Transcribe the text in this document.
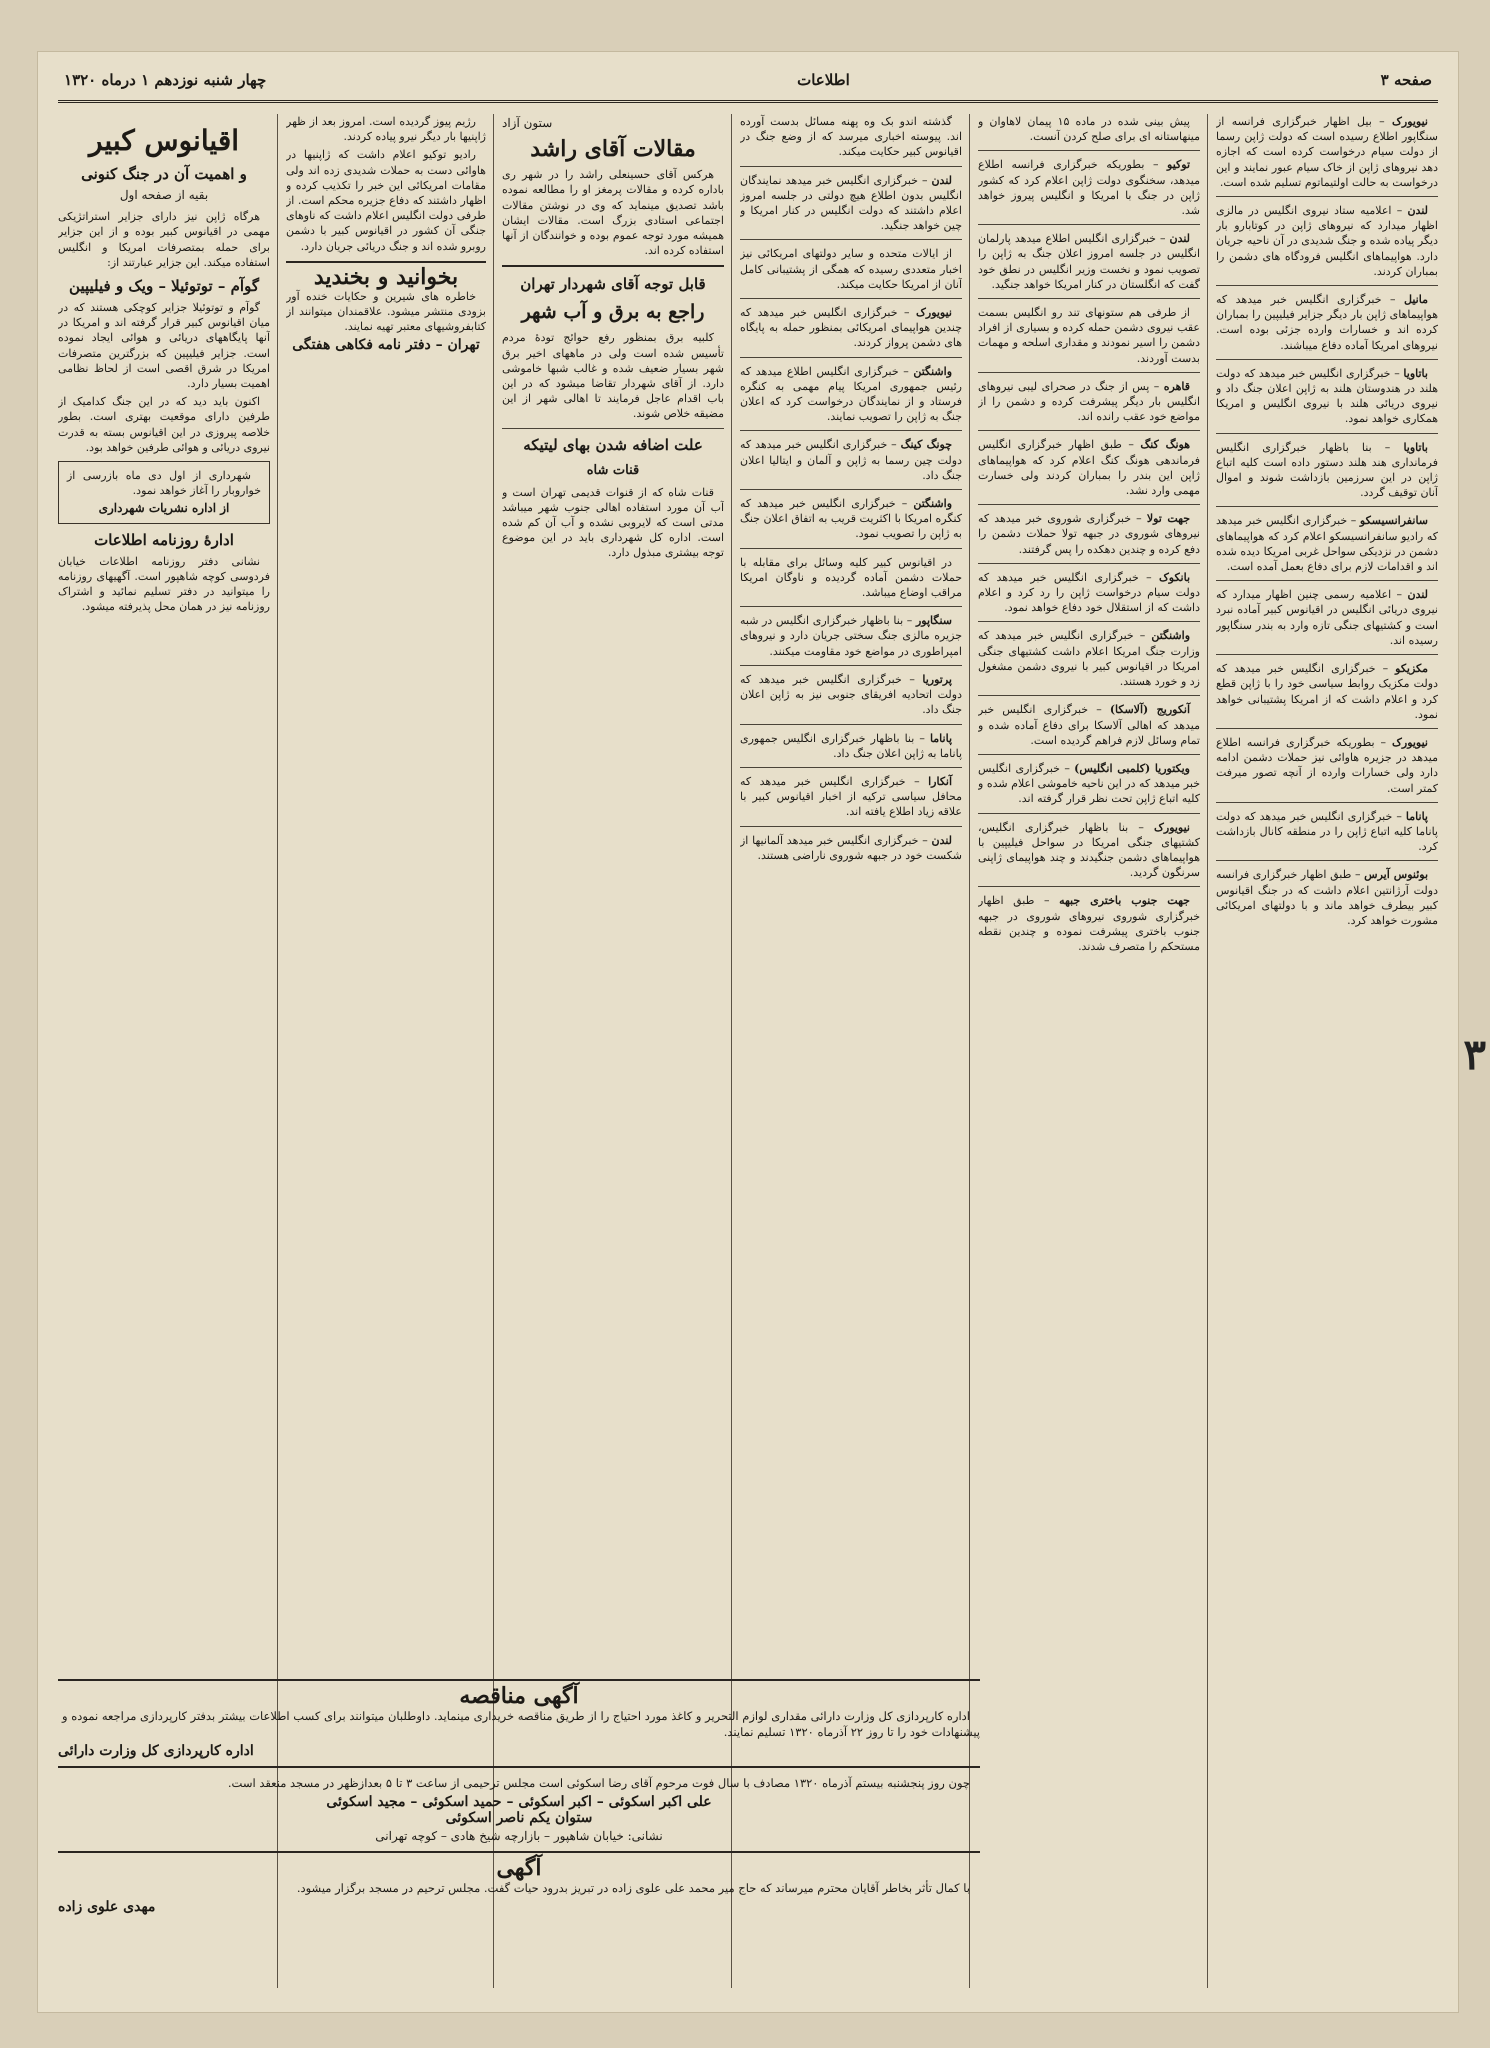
صفحه ۳
اطلاعات
چهار شنبه نوزدهم ۱ درماه ۱۳۲۰

نیویورک – بیل اظهار خبرگزاری فرانسه از سنگاپور اطلاع رسیده است که دولت ژاپن رسما از دولت سیام درخواست کرده است که اجازه دهد نیروهای ژاپن از خاک سیام عبور نمایند و این درخواست به حالت اولتیماتوم تسلیم شده است.

لندن – اعلامیه ستاد نیروی انگلیس در مالزی اظهار میدارد که نیروهای ژاپن در کوتابارو بار دیگر پیاده شده و جنگ شدیدی در آن ناحیه جریان دارد. هواپیماهای انگلیس فرودگاه های دشمن را بمباران کردند.

مانیل – خبرگزاری انگلیس خبر میدهد که هواپیماهای ژاپن بار دیگر جزایر فیلیپین را بمباران کرده اند و خسارات وارده جزئی بوده است. نیروهای امریکا آماده دفاع میباشند.

باتاویا – خبرگزاری انگلیس خبر میدهد که دولت هلند در هندوستان هلند به ژاپن اعلان جنگ داد و نیروی دریائی هلند با نیروی انگلیس و امریکا همکاری خواهد نمود.

باتاویا – بنا باظهار خبرگزاری انگلیس فرمانداری هند هلند دستور داده است کلیه اتباع ژاپن در این سرزمین بازداشت شوند و اموال آنان توقیف گردد.

سانفرانسیسکو – خبرگزاری انگلیس خبر میدهد که رادیو سانفرانسیسکو اعلام کرد که هواپیماهای دشمن در نزدیکی سواحل غربی امریکا دیده شده اند و اقدامات لازم برای دفاع بعمل آمده است.

لندن – اعلامیه رسمی چنین اظهار میدارد که نیروی دریائی انگلیس در اقیانوس کبیر آماده نبرد است و کشتیهای جنگی تازه وارد به بندر سنگاپور رسیده اند.

مکزیکو – خبرگزاری انگلیس خبر میدهد که دولت مکزیک روابط سیاسی خود را با ژاپن قطع کرد و اعلام داشت که از امریکا پشتیبانی خواهد نمود.

نیویورک – بطوریکه خبرگزاری فرانسه اطلاع میدهد در جزیره هاوائی نیز حملات دشمن ادامه دارد ولی خسارات وارده از آنچه تصور میرفت کمتر است.

پاناما – خبرگزاری انگلیس خبر میدهد که دولت پاناما کلیه اتباع ژاپن را در منطقه کانال بازداشت کرد.

بوئنوس آیرس – طبق اظهار خبرگزاری فرانسه دولت آرژانتین اعلام داشت که در جنگ اقیانوس کبیر بیطرف خواهد ماند و با دولتهای امریکائی مشورت خواهد کرد.

پیش بینی شده در ماده ۱۵ پیمان لاهاوان و مینهاستانه ای برای صلح کردن آنست.

توکیو – بطوریکه خبرگزاری فرانسه اطلاع میدهد، سخنگوی دولت ژاپن اعلام کرد که کشور ژاپن در جنگ با امریکا و انگلیس پیروز خواهد شد.

لندن – خبرگزاری انگلیس اطلاع میدهد پارلمان انگلیس در جلسه امروز اعلان جنگ به ژاپن را تصویب نمود و نخست وزیر انگلیس در نطق خود گفت که انگلستان در کنار امریکا خواهد جنگید.

از طرفی هم ستونهای تند رو انگلیس بسمت عقب نیروی دشمن حمله کرده و بسیاری از افراد دشمن را اسیر نمودند و مقداری اسلحه و مهمات بدست آوردند.

قاهره – پس از جنگ در صحرای لیبی نیروهای انگلیس بار دیگر پیشرفت کرده و دشمن را از مواضع خود عقب رانده اند.

هونگ کنگ – طبق اظهار خبرگزاری انگلیس فرماندهی هونگ کنگ اعلام کرد که هواپیماهای ژاپن این بندر را بمباران کردند ولی خسارت مهمی وارد نشد.

جهت تولا – خبرگزاری شوروی خبر میدهد که نیروهای شوروی در جبهه تولا حملات دشمن را دفع کرده و چندین دهکده را پس گرفتند.

بانکوک – خبرگزاری انگلیس خبر میدهد که دولت سیام درخواست ژاپن را رد کرد و اعلام داشت که از استقلال خود دفاع خواهد نمود.

واشنگتن – خبرگزاری انگلیس خبر میدهد که وزارت جنگ امریکا اعلام داشت کشتیهای جنگی امریکا در اقیانوس کبیر با نیروی دشمن مشغول زد و خورد هستند.

آنکوریج (آلاسکا) – خبرگزاری انگلیس خبر میدهد که اهالی آلاسکا برای دفاع آماده شده و تمام وسائل لازم فراهم گردیده است.

ویکتوریا (کلمبی انگلیس) – خبرگزاری انگلیس خبر میدهد که در این ناحیه خاموشی اعلام شده و کلیه اتباع ژاپن تحت نظر قرار گرفته اند.

نیویورک – بنا باظهار خبرگزاری انگلیس، کشتیهای جنگی امریکا در سواحل فیلیپین با هواپیماهای دشمن جنگیدند و چند هواپیمای ژاپنی سرنگون گردید.

جهت جنوب باختری جبهه – طبق اظهار خبرگزاری شوروی نیروهای شوروی در جبهه جنوب باختری پیشرفت نموده و چندین نقطه مستحکم را متصرف شدند.

گذشته اندو بک وه پهنه مسائل بدست آورده اند. پیوسته اخباری میرسد که از وضع جنگ در اقیانوس کبیر حکایت میکند.

لندن – خبرگزاری انگلیس خبر میدهد نمایندگان انگلیس بدون اطلاع هیچ دولتی در جلسه امروز اعلام داشتند که دولت انگلیس در کنار امریکا و چین خواهد جنگید.

از ایالات متحده و سایر دولتهای امریکائی نیز اخبار متعددی رسیده که همگی از پشتیبانی کامل آنان از امریکا حکایت میکند.

نیویورک – خبرگزاری انگلیس خبر میدهد که چندین هواپیمای امریکائی بمنظور حمله به پایگاه های دشمن پرواز کردند.

واشنگتن – خبرگزاری انگلیس اطلاع میدهد که رئیس جمهوری امریکا پیام مهمی به کنگره فرستاد و از نمایندگان درخواست کرد که اعلان جنگ به ژاپن را تصویب نمایند.

چونگ کینگ – خبرگزاری انگلیس خبر میدهد که دولت چین رسما به ژاپن و آلمان و ایتالیا اعلان جنگ داد.

واشنگتن – خبرگزاری انگلیس خبر میدهد که کنگره امریکا با اکثریت قریب به اتفاق اعلان جنگ به ژاپن را تصویب نمود.

در اقیانوس کبیر کلیه وسائل برای مقابله با حملات دشمن آماده گردیده و ناوگان امریکا مراقب اوضاع میباشد.

سنگاپور – بنا باظهار خبرگزاری انگلیس در شبه جزیره مالزی جنگ سختی جریان دارد و نیروهای امپراطوری در مواضع خود مقاومت میکنند.

پرتوریا – خبرگزاری انگلیس خبر میدهد که دولت اتحادیه افریقای جنوبی نیز به ژاپن اعلان جنگ داد.

پاناما – بنا باظهار خبرگزاری انگلیس جمهوری پاناما به ژاپن اعلان جنگ داد.

آنکارا – خبرگزاری انگلیس خبر میدهد که محافل سیاسی ترکیه از اخبار اقیانوس کبیر با علاقه زیاد اطلاع یافته اند.

لندن – خبرگزاری انگلیس خبر میدهد آلمانیها از شکست خود در جبهه شوروی ناراضی هستند.

ستون آزاد
مقالات آقای راشد

هرکس آقای حسینعلی راشد را در شهر ری باداره کرده و مقالات پرمغز او را مطالعه نموده باشد تصدیق مینماید که وی در نوشتن مقالات اجتماعی استادی بزرگ است. مقالات ایشان همیشه مورد توجه عموم بوده و خوانندگان از آنها استفاده کرده اند.

قابل توجه آقای شهردار تهران
راجع به برق و آب شهر

کلبیه برق بمنظور رفع حوائج تودهٔ مردم تأسیس شده است ولی در ماههای اخیر برق شهر بسیار ضعیف شده و غالب شبها خاموشی دارد. از آقای شهردار تقاضا میشود که در این باب اقدام عاجل فرمایند تا اهالی شهر از این مضیقه خلاص شوند.

علت اضافه شدن بهای لیتیکه
قنات شاه

قنات شاه که از قنوات قدیمی تهران است و آب آن مورد استفاده اهالی جنوب شهر میباشد مدتی است که لایروبی نشده و آب آن کم شده است. اداره کل شهرداری باید در این موضوع توجه بیشتری مبذول دارد.

رژیم پیوز گردیده است. امروز بعد از ظهر ژاپنیها بار دیگر نیرو پیاده کردند.

رادیو توکیو اعلام داشت که ژاپنیها در هاوائی دست به حملات شدیدی زده اند ولی مقامات امریکائی این خبر را تکذیب کرده و اظهار داشتند که دفاع جزیره محکم است. از طرفی دولت انگلیس اعلام داشت که ناوهای جنگی آن کشور در اقیانوس کبیر با دشمن روبرو شده اند و جنگ دریائی جریان دارد.

بخوانید و بخندید

خاطره های شیرین و حکایات خنده آور بزودی منتشر میشود. علاقمندان میتوانند از کتابفروشیهای معتبر تهیه نمایند.

تهران – دفتر نامه فکاهی هفتگی
اقیانوس کبیر
و اهمیت آن در جنگ کنونی
بقیه از صفحه اول

هرگاه ژاپن نیز دارای جزایر استراتژیکی مهمی در اقیانوس کبیر بوده و از این جزایر برای حمله بمتصرفات امریکا و انگلیس استفاده میکند. این جزایر عبارتند از:

گوآم – توتوئیلا – ویک و فیلیپین

گوآم و توتوئیلا جزایر کوچکی هستند که در میان اقیانوس کبیر قرار گرفته اند و امریکا در آنها پایگاههای دریائی و هوائی ایجاد نموده است. جزایر فیلیپین که بزرگترین متصرفات امریکا در شرق اقصی است از لحاظ نظامی اهمیت بسیار دارد.

اکنون باید دید که در این جنگ کدامیک از طرفین دارای موقعیت بهتری است. بطور خلاصه پیروزی در این اقیانوس بسته به قدرت نیروی دریائی و هوائی طرفین خواهد بود.

شهرداری از اول دی ماه بازرسی از خواروبار را آغاز خواهد نمود.

از اداره نشریات شهرداری
ادارهٔ روزنامه اطلاعات

نشانی دفتر روزنامه اطلاعات خیابان فردوسی کوچه شاهپور است. آگهیهای روزنامه را میتوانید در دفتر تسلیم نمائید و اشتراک روزنامه نیز در همان محل پذیرفته میشود.

آگهی مناقصه

اداره کارپردازی کل وزارت دارائی مقداری لوازم التحریر و کاغذ مورد احتیاج را از طریق مناقصه خریداری مینماید. داوطلبان میتوانند برای کسب اطلاعات بیشتر بدفتر کارپردازی مراجعه نموده و پیشنهادات خود را تا روز ۲۲ آذرماه ۱۳۲۰ تسلیم نمایند.

اداره کارپردازی کل وزارت دارائی

چون روز پنجشنبه بیستم آذرماه ۱۳۲۰ مصادف با سال فوت مرحوم آقای رضا اسکوئی است مجلس ترحیمی از ساعت ۳ تا ۵ بعدازظهر در مسجد منعقد است.

علی اکبر اسکوئی – اکبر اسکوئی – حمید اسکوئی – مجید اسکوئی
ستوان یکم ناصر اسکوئی
نشانی: خیابان شاهپور – بازارچه شیخ هادی – کوچه تهرانی
آگهی

با کمال تأثر بخاطر آقایان محترم میرساند که حاج میر محمد علی علوی زاده در تبریز بدرود حیات گفت. مجلس ترحیم در مسجد برگزار میشود.

مهدی علوی زاده
۳
